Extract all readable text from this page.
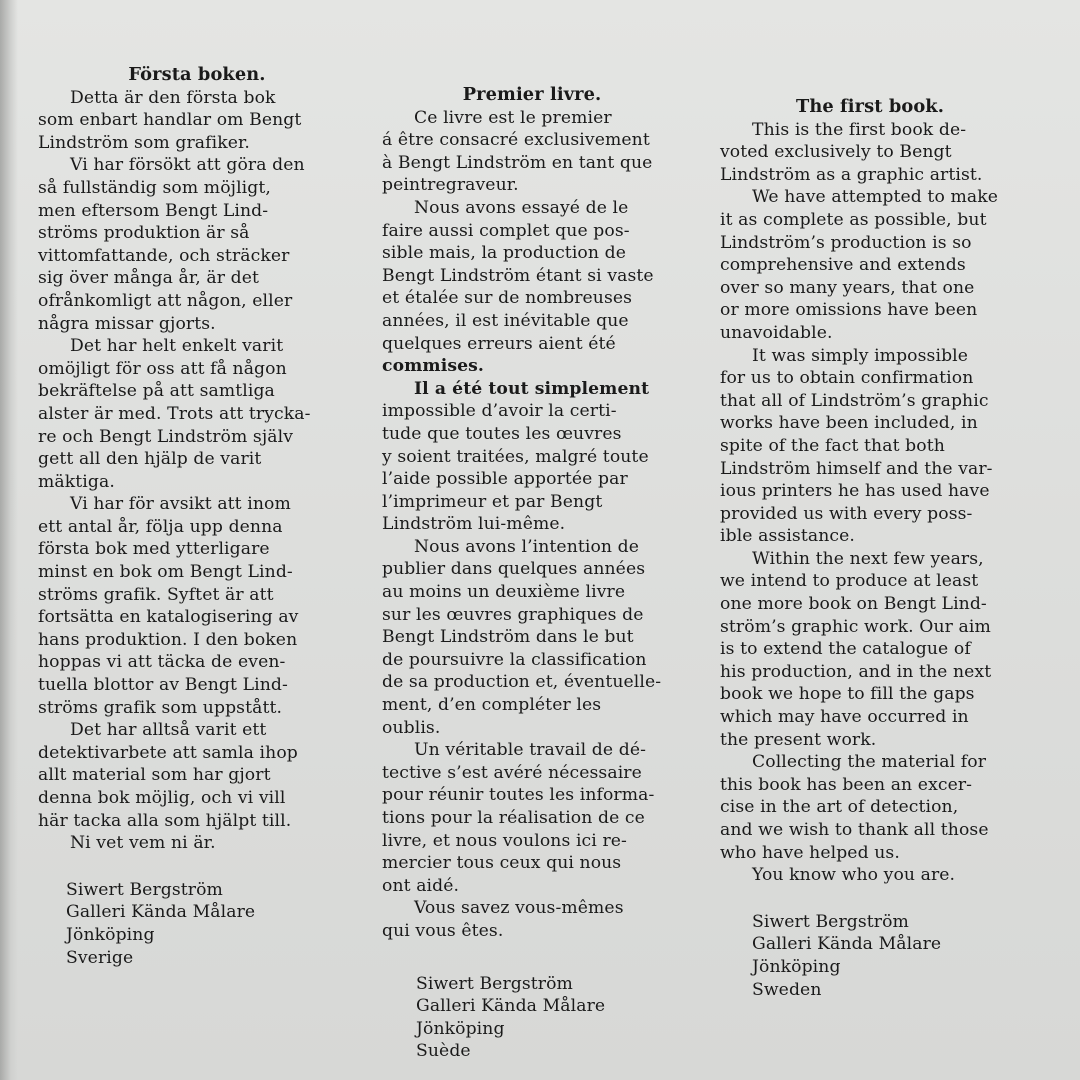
Första boken.
Detta är den första bok
som enbart handlar om Bengt
Lindström som grafiker.
Vi har försökt att göra den
så fullständig som möjligt,
men eftersom Bengt Lind-
ströms produktion är så
vittomfattande, och sträcker
sig över många år, är det
ofrånkomligt att någon, eller
några missar gjorts.
Det har helt enkelt varit
omöjligt för oss att få någon
bekräftelse på att samtliga
alster är med. Trots att trycka-
re och Bengt Lindström själv
gett all den hjälp de varit
mäktiga.
Vi har för avsikt att inom
ett antal år, följa upp denna
första bok med ytterligare
minst en bok om Bengt Lind-
ströms grafik. Syftet är att
fortsätta en katalogisering av
hans produktion. I den boken
hoppas vi att täcka de even-
tuella blottor av Bengt Lind-
ströms grafik som uppstått.
Det har alltså varit ett
detektivarbete att samla ihop
allt material som har gjort
denna bok möjlig, och vi vill
här tacka alla som hjälpt till.
Ni vet vem ni är.
Siwert Bergström
Galleri Kända Målare
Jönköping
Sverige
Premier livre.
Ce livre est le premier
á être consacré exclusivement
à Bengt Lindström en tant que
peintregraveur.
Nous avons essayé de le
faire aussi complet que pos-
sible mais, la production de
Bengt Lindström étant si vaste
et étalée sur de nombreuses
années, il est inévitable que
quelques erreurs aient été
commises.
Il a été tout simplement
impossible d’avoir la certi-
tude que toutes les œuvres
y soient traitées, malgré toute
l’aide possible apportée par
l’imprimeur et par Bengt
Lindström lui-même.
Nous avons l’intention de
publier dans quelques années
au moins un deuxième livre
sur les œuvres graphiques de
Bengt Lindström dans le but
de poursuivre la classification
de sa production et, éventuelle-
ment, d’en compléter les
oublis.
Un véritable travail de dé-
tective s’est avéré nécessaire
pour réunir toutes les informa-
tions pour la réalisation de ce
livre, et nous voulons ici re-
mercier tous ceux qui nous
ont aidé.
Vous savez vous-mêmes
qui vous êtes.
Siwert Bergström
Galleri Kända Målare
Jönköping
Suède
The first book.
This is the first book de-
voted exclusively to Bengt
Lindström as a graphic artist.
We have attempted to make
it as complete as possible, but
Lindström’s production is so
comprehensive and extends
over so many years, that one
or more omissions have been
unavoidable.
It was simply impossible
for us to obtain confirmation
that all of Lindström’s graphic
works have been included, in
spite of the fact that both
Lindström himself and the var-
ious printers he has used have
provided us with every poss-
ible assistance.
Within the next few years,
we intend to produce at least
one more book on Bengt Lind-
ström’s graphic work. Our aim
is to extend the catalogue of
his production, and in the next
book we hope to fill the gaps
which may have occurred in
the present work.
Collecting the material for
this book has been an excer-
cise in the art of detection,
and we wish to thank all those
who have helped us.
You know who you are.
Siwert Bergström
Galleri Kända Målare
Jönköping
Sweden
